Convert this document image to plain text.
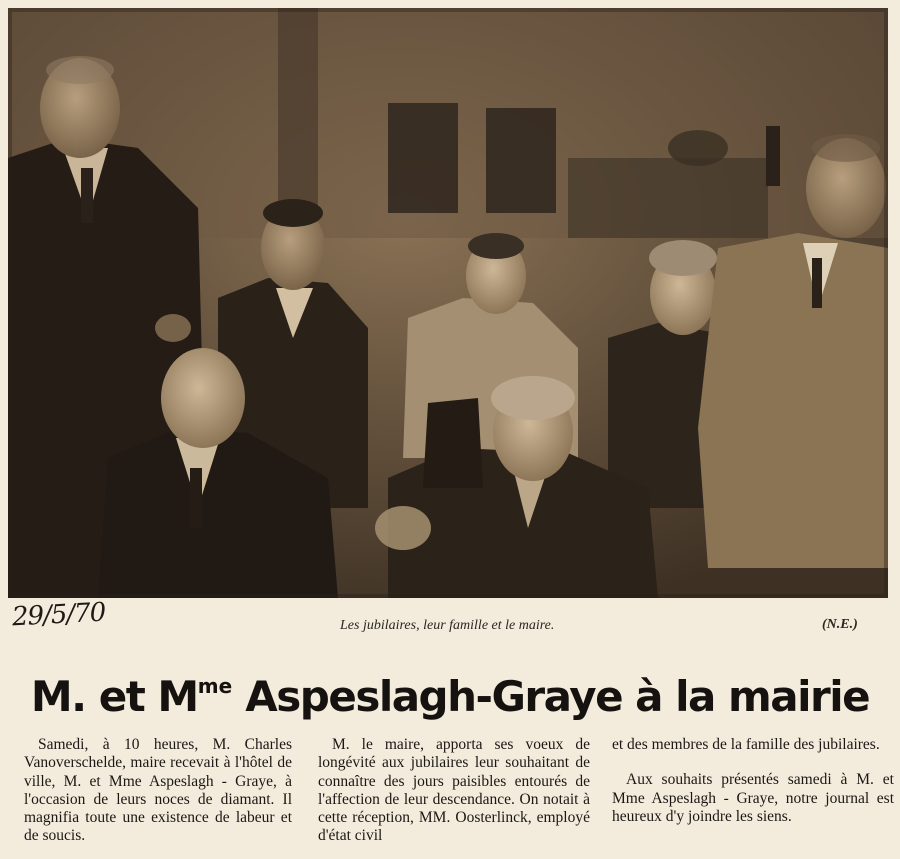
29/5/70	Les jubilaires, leur famille et le maire.	(N.E.)
M. et $M^{me}$ Aspeslagh-Graye à la mairie

Samedi, à 10 heures, M. Charles Vanoverschelde, maire recevait à l'hôtel de ville, M. et Mme Aspeslagh - Graye, à l'occasion de leurs noces de diamant. Il magnifia toute une existence de labeur et de soucis.

M. le maire, apporta ses voeux de longévité aux jubilaires leur souhaitant de connaître des jours paisibles entourés de l'affection de leur descendance. On notait à cette réception, MM. Oosterlinck, employé d'état civil

et des membres de la famille des jubilaires.

Aux souhaits présentés samedi à M. et Mme Aspeslagh - Graye, notre journal est heureux d'y joindre les siens.
